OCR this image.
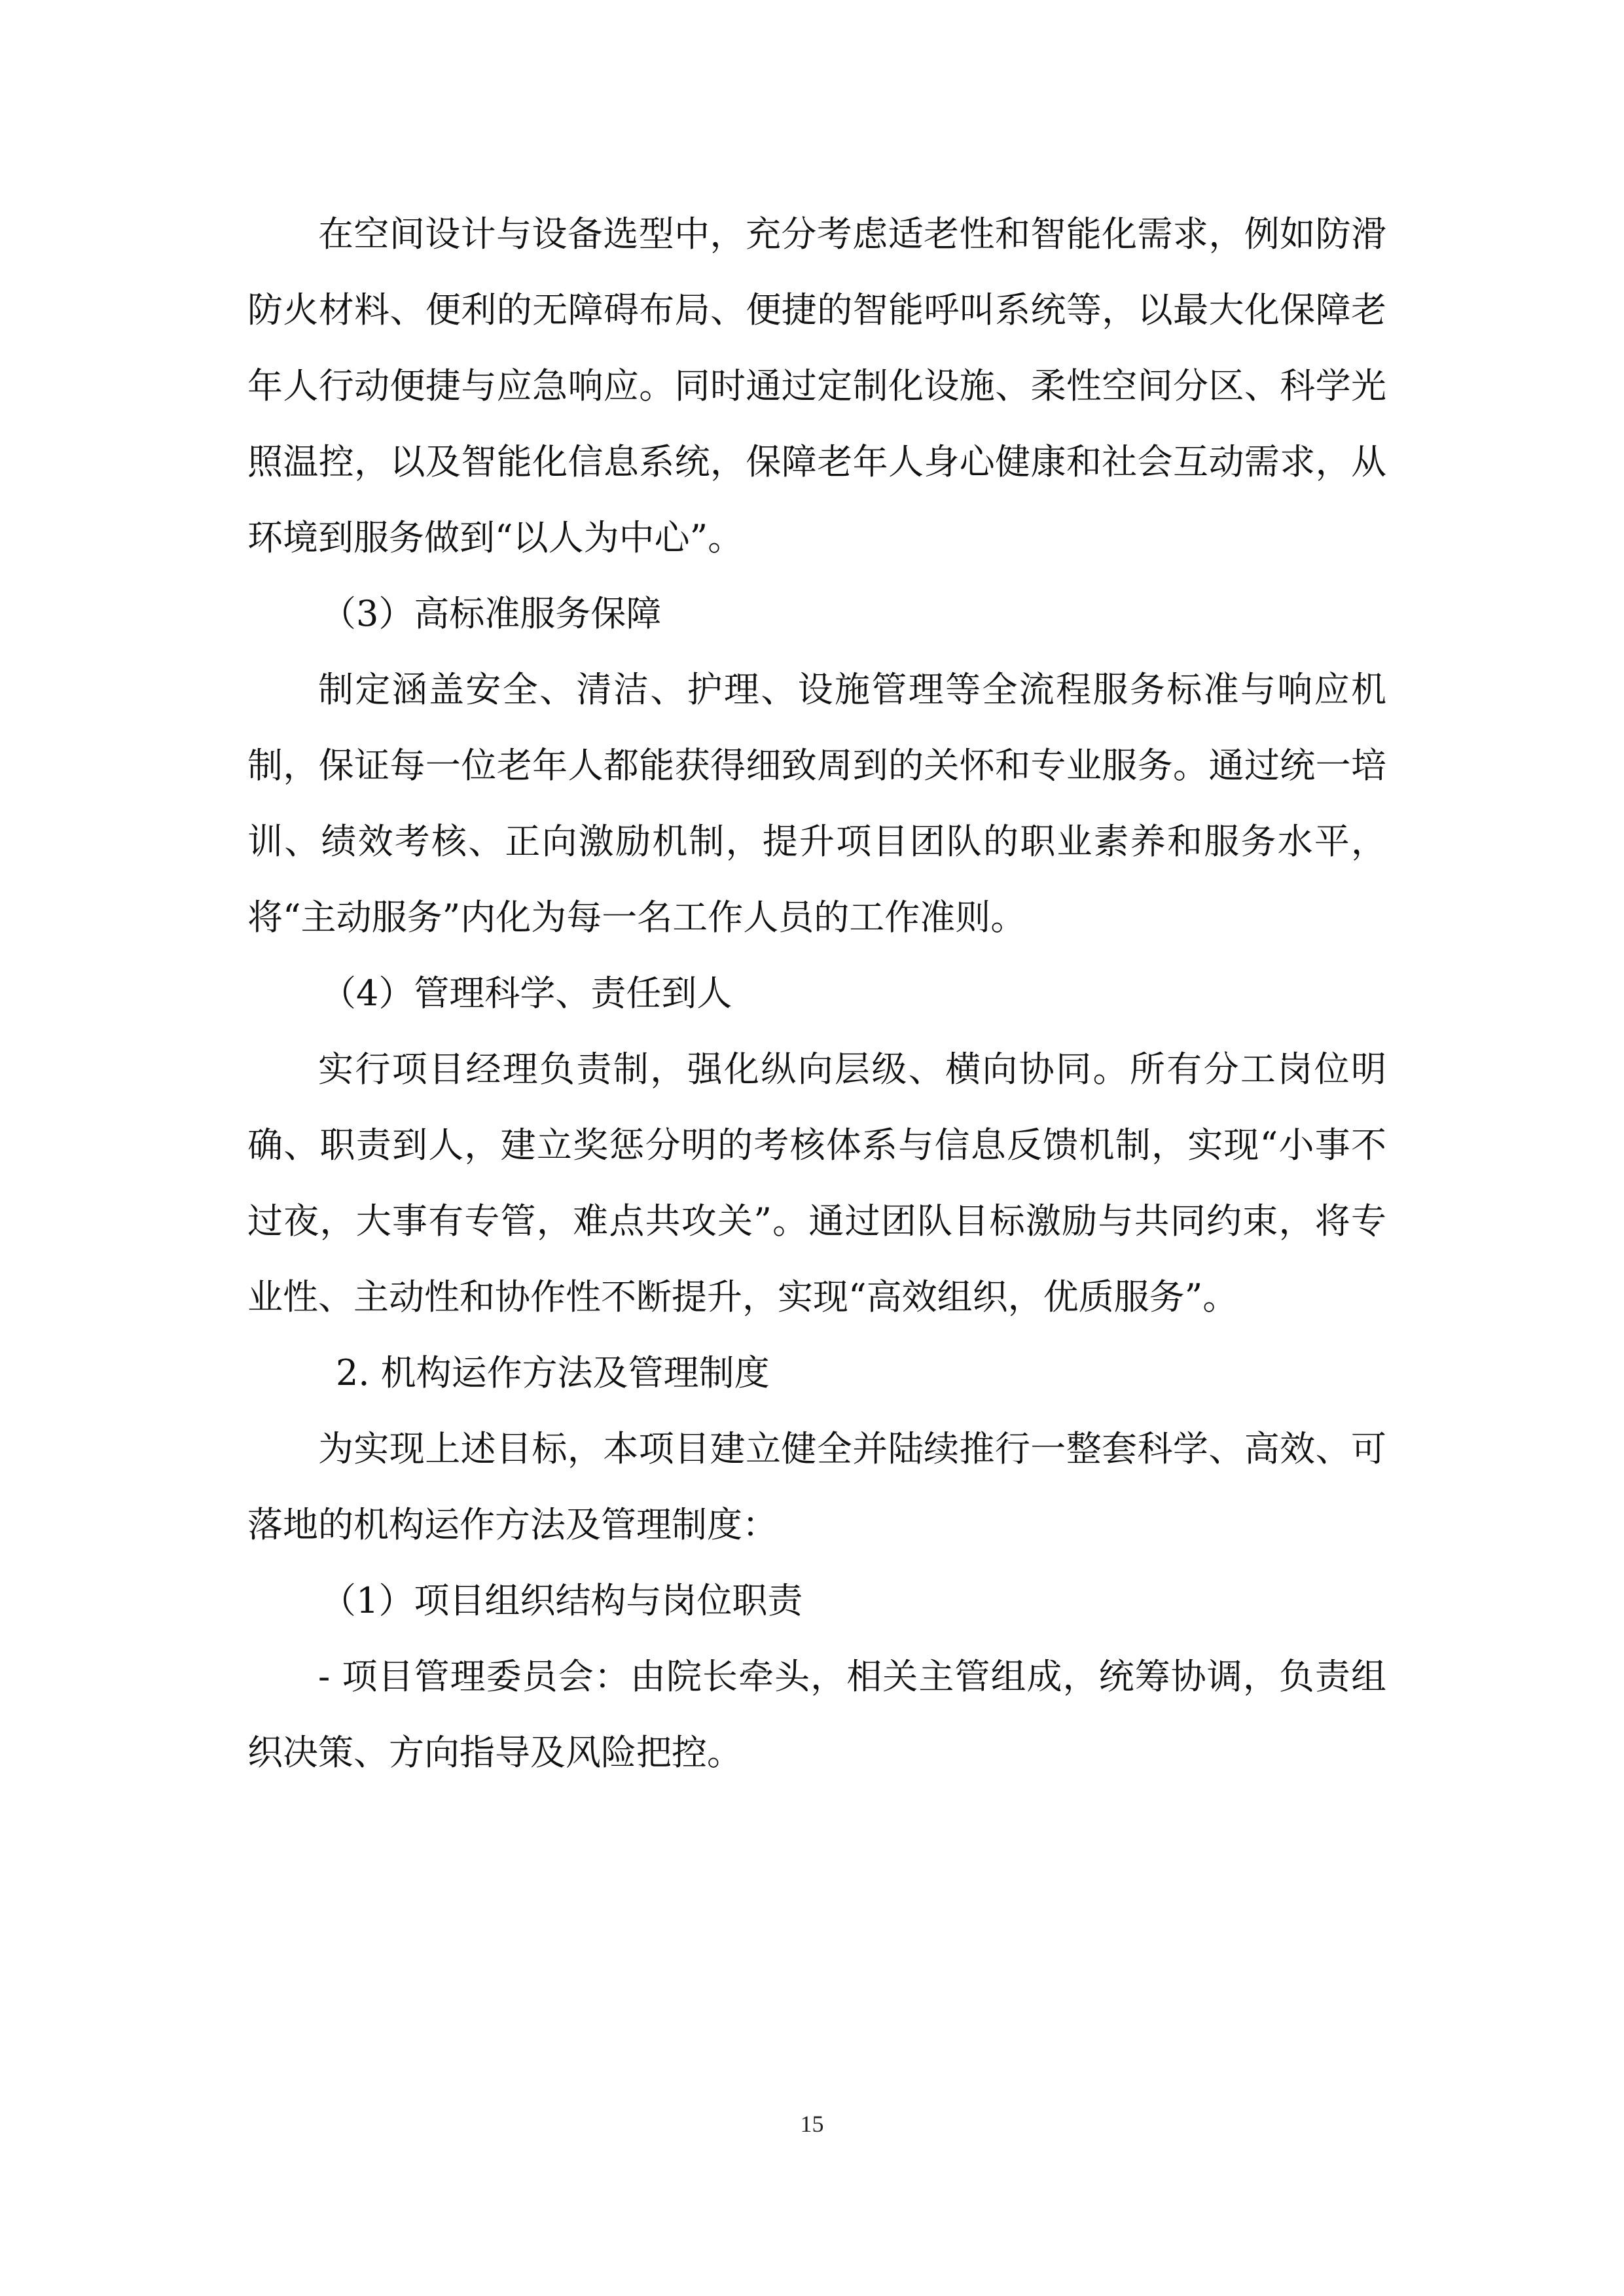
在空间设计与设备选型中，充分考虑适老性和智能化需求，例如防滑防火材料、便利的无障碍布局、便捷的智能呼叫系统等，以最大化保障老年人行动便捷与应急响应。同时通过定制化设施、柔性空间分区、科学光照温控，以及智能化信息系统，保障老年人身心健康和社会互动需求，从环境到服务做到“以人为中心”。

（3）高标准服务保障

制定涵盖安全、清洁、护理、设施管理等全流程服务标准与响应机制，保证每一位老年人都能获得细致周到的关怀和专业服务。通过统一培训、绩效考核、正向激励机制，提升项目团队的职业素养和服务水平，将“主动服务”内化为每一名工作人员的工作准则。

（4）管理科学、责任到人

实行项目经理负责制，强化纵向层级、横向协同。所有分工岗位明确、职责到人，建立奖惩分明的考核体系与信息反馈机制，实现“小事不过夜，大事有专管，难点共攻关”。通过团队目标激励与共同约束，将专业性、主动性和协作性不断提升，实现“高效组织，优质服务”。

2. 机构运作方法及管理制度

为实现上述目标，本项目建立健全并陆续推行一整套科学、高效、可落地的机构运作方法及管理制度：

（1）项目组织结构与岗位职责

- 项目管理委员会：由院长牵头，相关主管组成，统筹协调，负责组织决策、方向指导及风险把控。

15
